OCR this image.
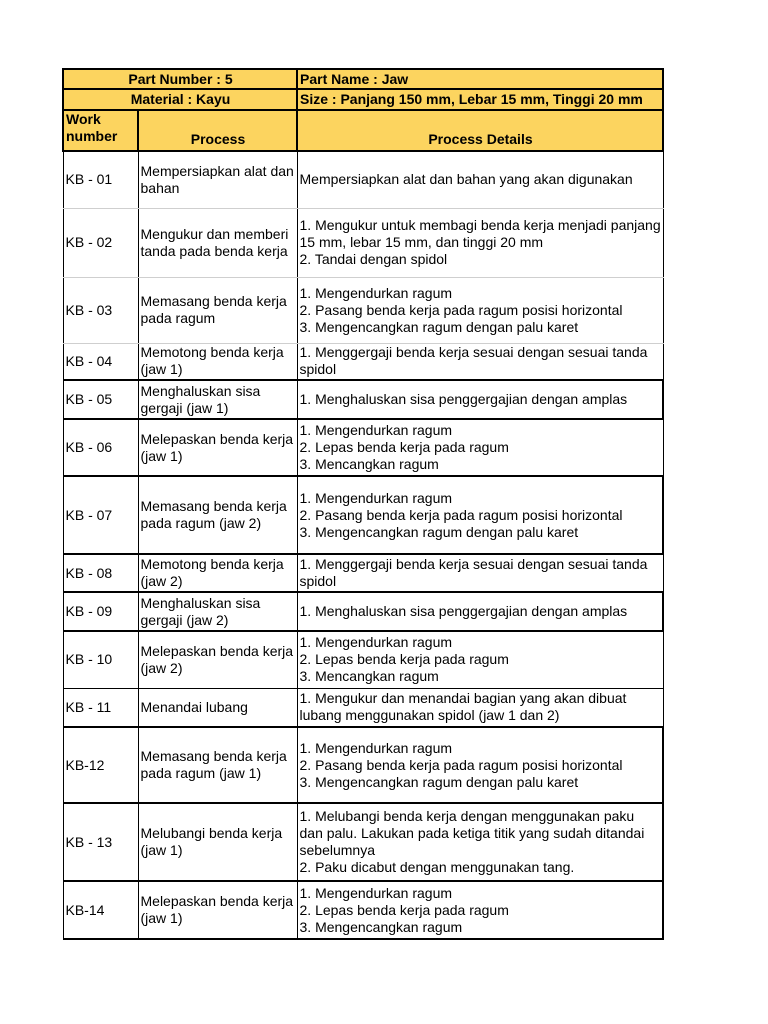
Part Number : 5		Part Name : Jaw
Material : Kayu		Size : Panjang 150 mm, Lebar 15 mm, Tinggi 20 mm
Work number	Process	Process Details
KB - 01	Mempersiapkan alat dan bahan	Mempersiapkan alat dan bahan yang akan digunakan

KB - 02	Mengukur dan memberi tanda pada benda kerja	1. Mengukur untuk membagi benda kerja menjadi panjang 15 mm, lebar 15 mm, dan tinggi 20 mm
2. Tandai dengan spidol

KB - 03	Memasang benda kerja pada ragum	1. Mengendurkan ragum
2. Pasang benda kerja pada ragum posisi horizontal
3. Mengencangkan ragum dengan palu karet

KB - 04	Memotong benda kerja (jaw 1)	1. Menggergaji benda kerja sesuai dengan sesuai tanda spidol

KB - 05	Menghaluskan sisa gergaji (jaw 1)	1. Menghaluskan sisa penggergajian dengan amplas

KB - 06	Melepaskan benda kerja (jaw 1)	1. Mengendurkan ragum
2. Lepas benda kerja pada ragum
3. Mencangkan ragum

KB - 07	Memasang benda kerja pada ragum (jaw 2)	1. Mengendurkan ragum
2. Pasang benda kerja pada ragum posisi horizontal
3. Mengencangkan ragum dengan palu karet

KB - 08	Memotong benda kerja (jaw 2)	1. Menggergaji benda kerja sesuai dengan sesuai tanda spidol

KB - 09	Menghaluskan sisa gergaji (jaw 2)	1. Menghaluskan sisa penggergajian dengan amplas

KB - 10	Melepaskan benda kerja (jaw 2)	1. Mengendurkan ragum
2. Lepas benda kerja pada ragum
3. Mencangkan ragum

KB - 11	Menandai lubang	1. Mengukur dan menandai bagian yang akan dibuat lubang menggunakan spidol (jaw 1 dan 2)

KB-12	Memasang benda kerja pada ragum (jaw 1)	1. Mengendurkan ragum
2. Pasang benda kerja pada ragum posisi horizontal
3. Mengencangkan ragum dengan palu karet

KB - 13	Melubangi benda kerja (jaw 1)	1. Melubangi benda kerja dengan menggunakan paku dan palu. Lakukan pada ketiga titik yang sudah ditandai sebelumnya
2. Paku dicabut dengan menggunakan tang.

KB-14	Melepaskan benda kerja (jaw 1)	1. Mengendurkan ragum
2. Lepas benda kerja pada ragum
3. Mengencangkan ragum
